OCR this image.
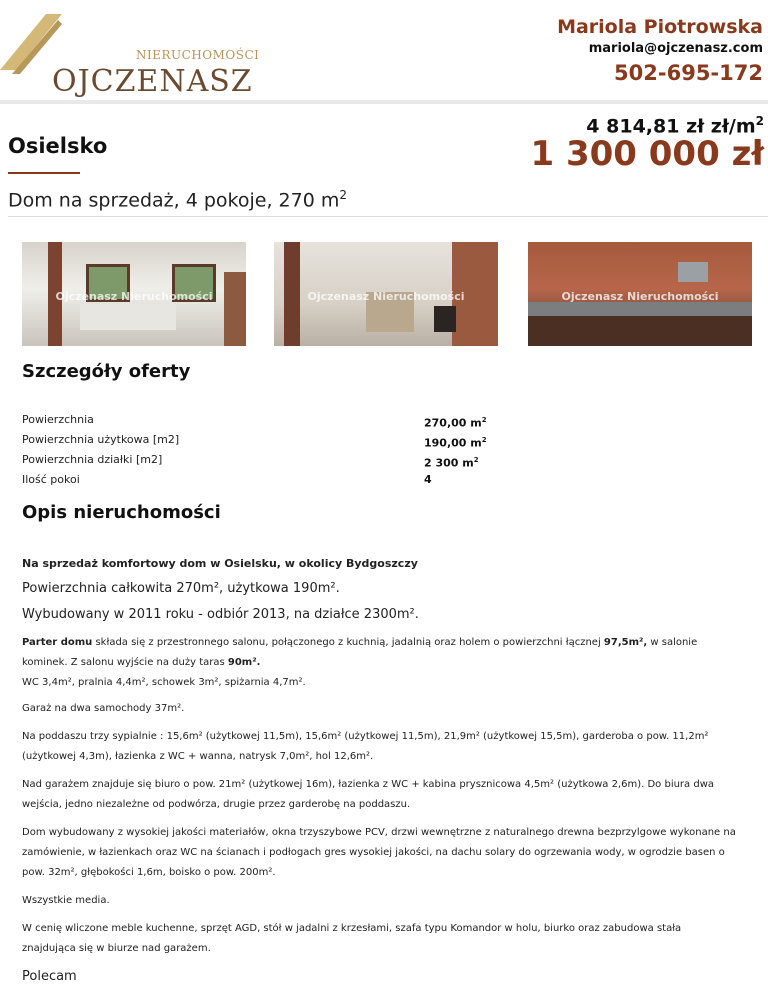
NIERUCHOMOŚCI
OJCZENASZ
Mariola Piotrowska
mariola@ojczenasz.com
502-695-172
Osielsko
4 814,81 zł $zł/m^2$
1 300 000 zł
Dom na sprzedaż, 4 pokoje, 270 $m^2$
Ojczenasz Nieruchomości	Ojczenasz Nieruchomości	Ojczenasz Nieruchomości
Szczegóły oferty
Powierzchnia	270,00 $m^2$
Powierzchnia użytkowa [m2]	190,00 $m^2$
Powierzchnia działki [m2]	2 300 $m^2$
Ilość pokoi	4
Opis nieruchomości

Na sprzedaż komfortowy dom w Osielsku, w okolicy Bydgoszczy

Powierzchnia całkowita 270m², użytkowa 190m².

Wybudowany w 2011 roku - odbiór 2013, na działce 2300m².

Parter domu składa się z przestronnego salonu, połączonego z kuchnią, jadalnią oraz holem o powierzchni łącznej 97,5m², w salonie

kominek. Z salonu wyjście na duży taras 90m².

WC 3,4m², pralnia 4,4m², schowek 3m², spiżarnia 4,7m².

Garaż na dwa samochody 37m².

Na poddaszu trzy sypialnie : 15,6m² (użytkowej 11,5m), 15,6m² (użytkowej 11,5m), 21,9m² (użytkowej 15,5m), garderoba o pow. 11,2m²

(użytkowej 4,3m), łazienka z WC + wanna, natrysk 7,0m², hol 12,6m².

Nad garażem znajduje się biuro o pow. 21m² (użytkowej 16m), łazienka z WC + kabina prysznicowa 4,5m² (użytkowa 2,6m). Do biura dwa

wejścia, jedno niezależne od podwórza, drugie przez garderobę na poddaszu.

Dom wybudowany z wysokiej jakości materiałów, okna trzyszybowe PCV, drzwi wewnętrzne z naturalnego drewna bezprzylgowe wykonane na

zamówienie, w łazienkach oraz WC na ścianach i podłogach gres wysokiej jakości, na dachu solary do ogrzewania wody, w ogrodzie basen o

pow. 32m², głębokości 1,6m, boisko o pow. 200m².

Wszystkie media.

W cenię wliczone meble kuchenne, sprzęt AGD, stół w jadalni z krzesłami, szafa typu Komandor w holu, biurko oraz zabudowa stała

znajdująca się w biurze nad garażem.

Polecam
